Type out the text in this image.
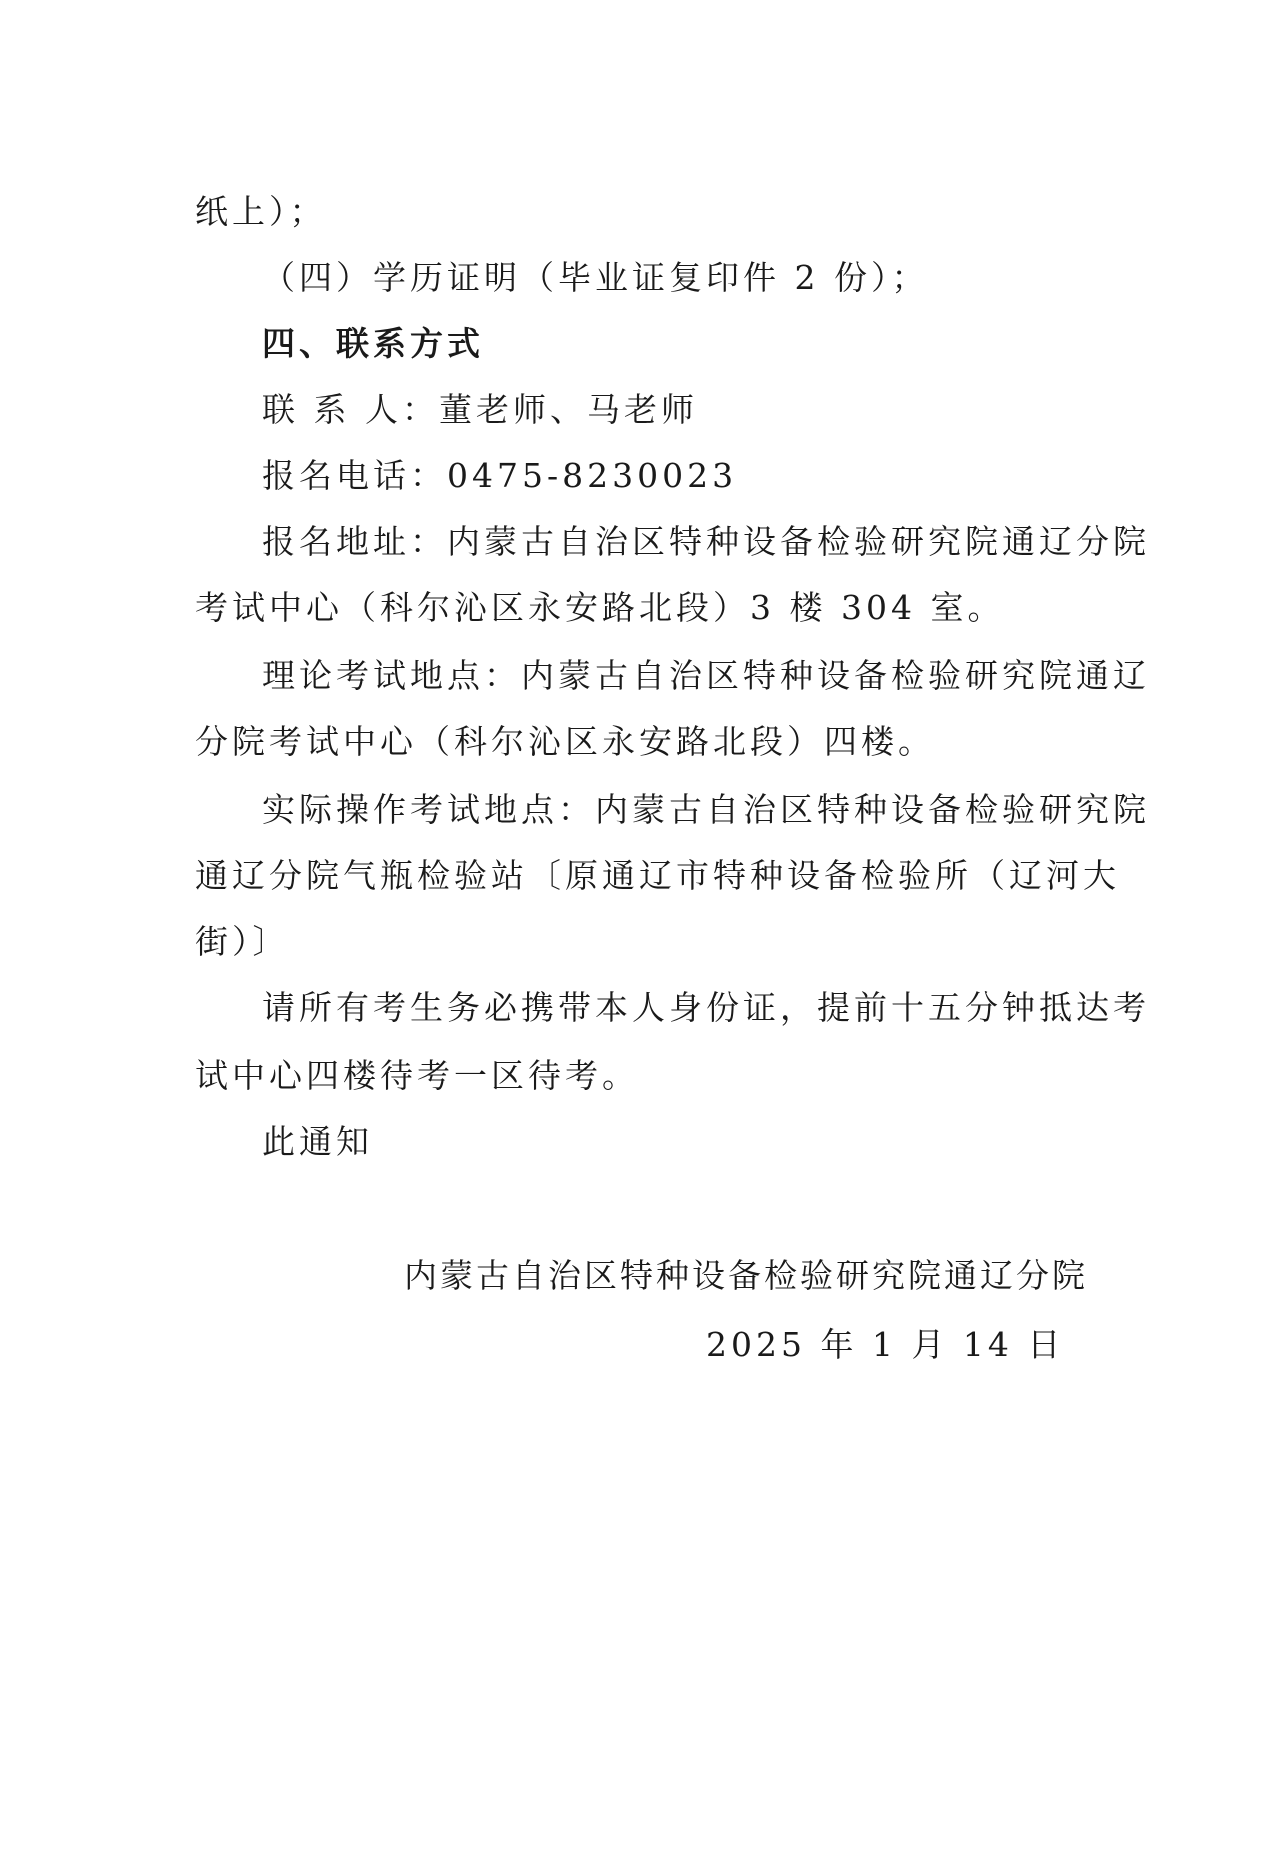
纸上）；
（四）学历证明（毕业证复印件 2 份）；
四、联系方式
联 系 人：董老师、马老师
报名电话：0475-8230023
报名地址：内蒙古自治区特种设备检验研究院通辽分院
考试中心（科尔沁区永安路北段）3 楼 304 室。
理论考试地点：内蒙古自治区特种设备检验研究院通辽
分院考试中心（科尔沁区永安路北段）四楼。
实际操作考试地点：内蒙古自治区特种设备检验研究院
通辽分院气瓶检验站〔原通辽市特种设备检验所（辽河大
街）〕
请所有考生务必携带本人身份证，提前十五分钟抵达考
试中心四楼待考一区待考。
此通知
内蒙古自治区特种设备检验研究院通辽分院
2025 年 1 月 14 日
